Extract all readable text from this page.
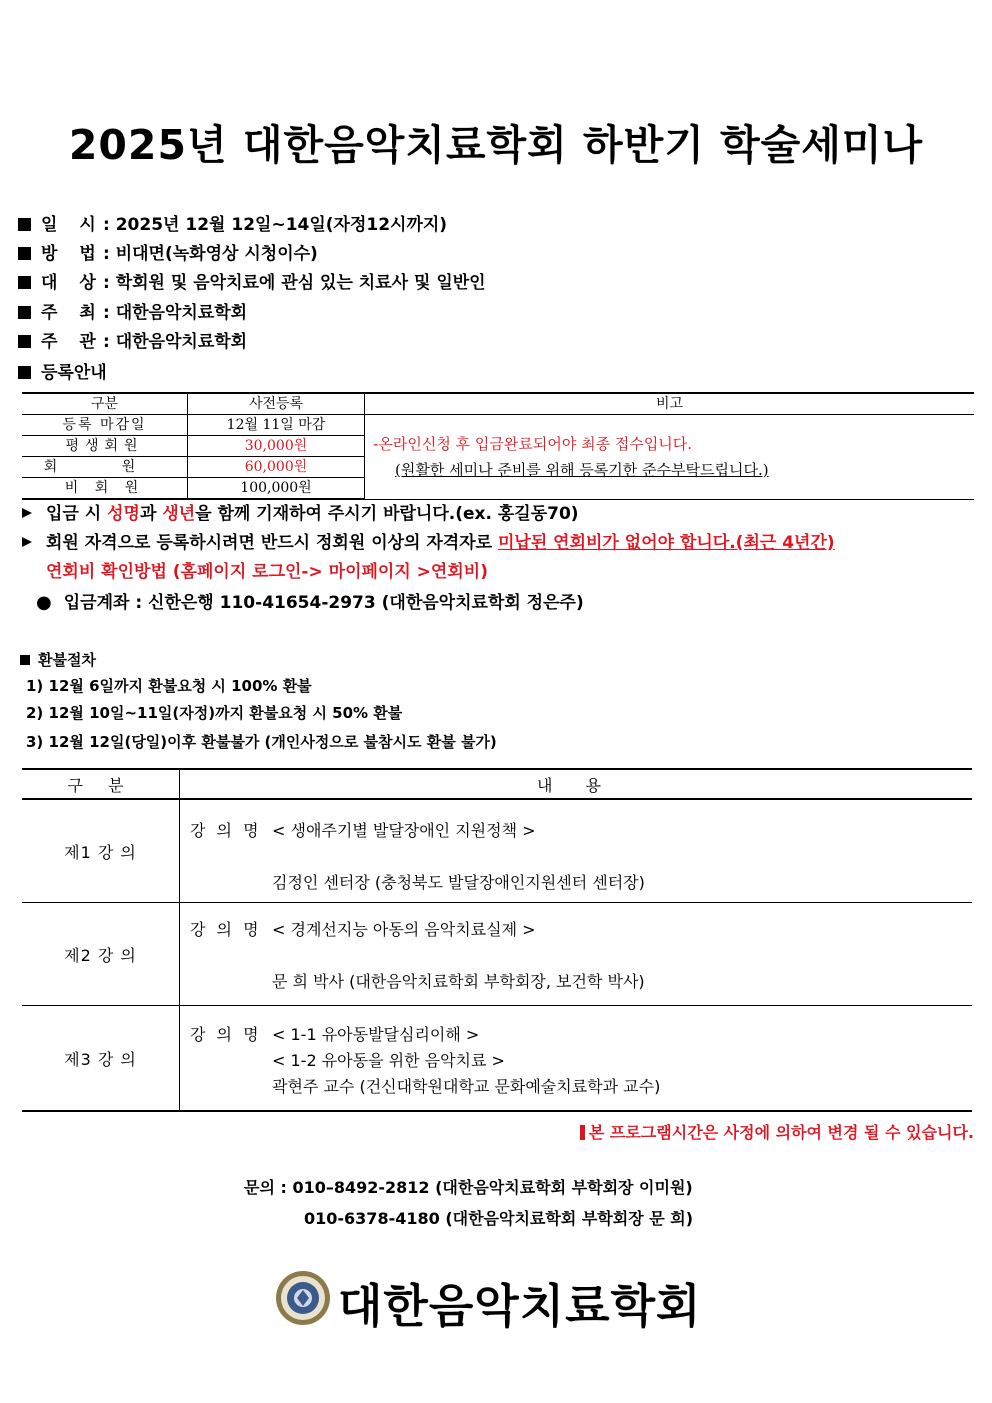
2025년 대한음악치료학회 하반기 학술세미나
일 시: 2025년 12월 12일~14일(자정12시까지)
방 법: 비대면(녹화영상 시청이수)
대 상: 학회원 및 음악치료에 관심 있는 치료사 및 일반인
주 최: 대한음악치료학회
주 관: 대한음악치료학회
등록안내
구분	사전등록	비고
등록 마감일	12월 11일 마감	-온라인신청 후 입금완료되어야 최종 접수입니다.
(원활한 세미나 준비를 위해 등록기한 준수부탁드립니다.)

평생회원	30,000원	
회 원	60,000원	
비 회 원	100,000원	
입금 시 성명과 생년을 함께 기재하여 주시기 바랍니다.(ex. 홍길동70)
회원 자격으로 등록하시려면 반드시 정회원 이상의 자격자로 미납된 연회비가 없어야 합니다.(최근 4년간)
연회비 확인방법 (홈페이지 로그인-> 마이페이지 >연회비)
● 입금계좌 : 신한은행 110-41654-2973 (대한음악치료학회 정은주)
환불절차
1) 12월 6일까지 환불요청 시 100% 환불
2) 12월 10일~11일(자정)까지 환불요청 시 50% 환불
3) 12월 12일(당일)이후 환불불가 (개인사정으로 불참시도 환불 불가)
구 분	내 용
제1 강 의	강 의 명 < 생애주기별 발달장애인 지원정책 >
김정인 센터장 (충청북도 발달장애인지원센터 센터장)

제2 강 의	강 의 명 < 경계선지능 아동의 음악치료실제 >
문 희 박사 (대한음악치료학회 부학회장, 보건학 박사)

제3 강 의	강 의 명 < 1-1 유아동발달심리이해 >
< 1-2 유아동을 위한 음악치료 >
곽현주 교수 (건신대학원대학교 문화예술치료학과 교수)
본 프로그램시간은 사정에 의하여 변경 될 수 있습니다.
문의 : 010–8492-2812 (대한음악치료학회 부학회장 이미원)
010-6378-4180 (대한음악치료학회 부학회장 문 희)
대한음악치료학회
